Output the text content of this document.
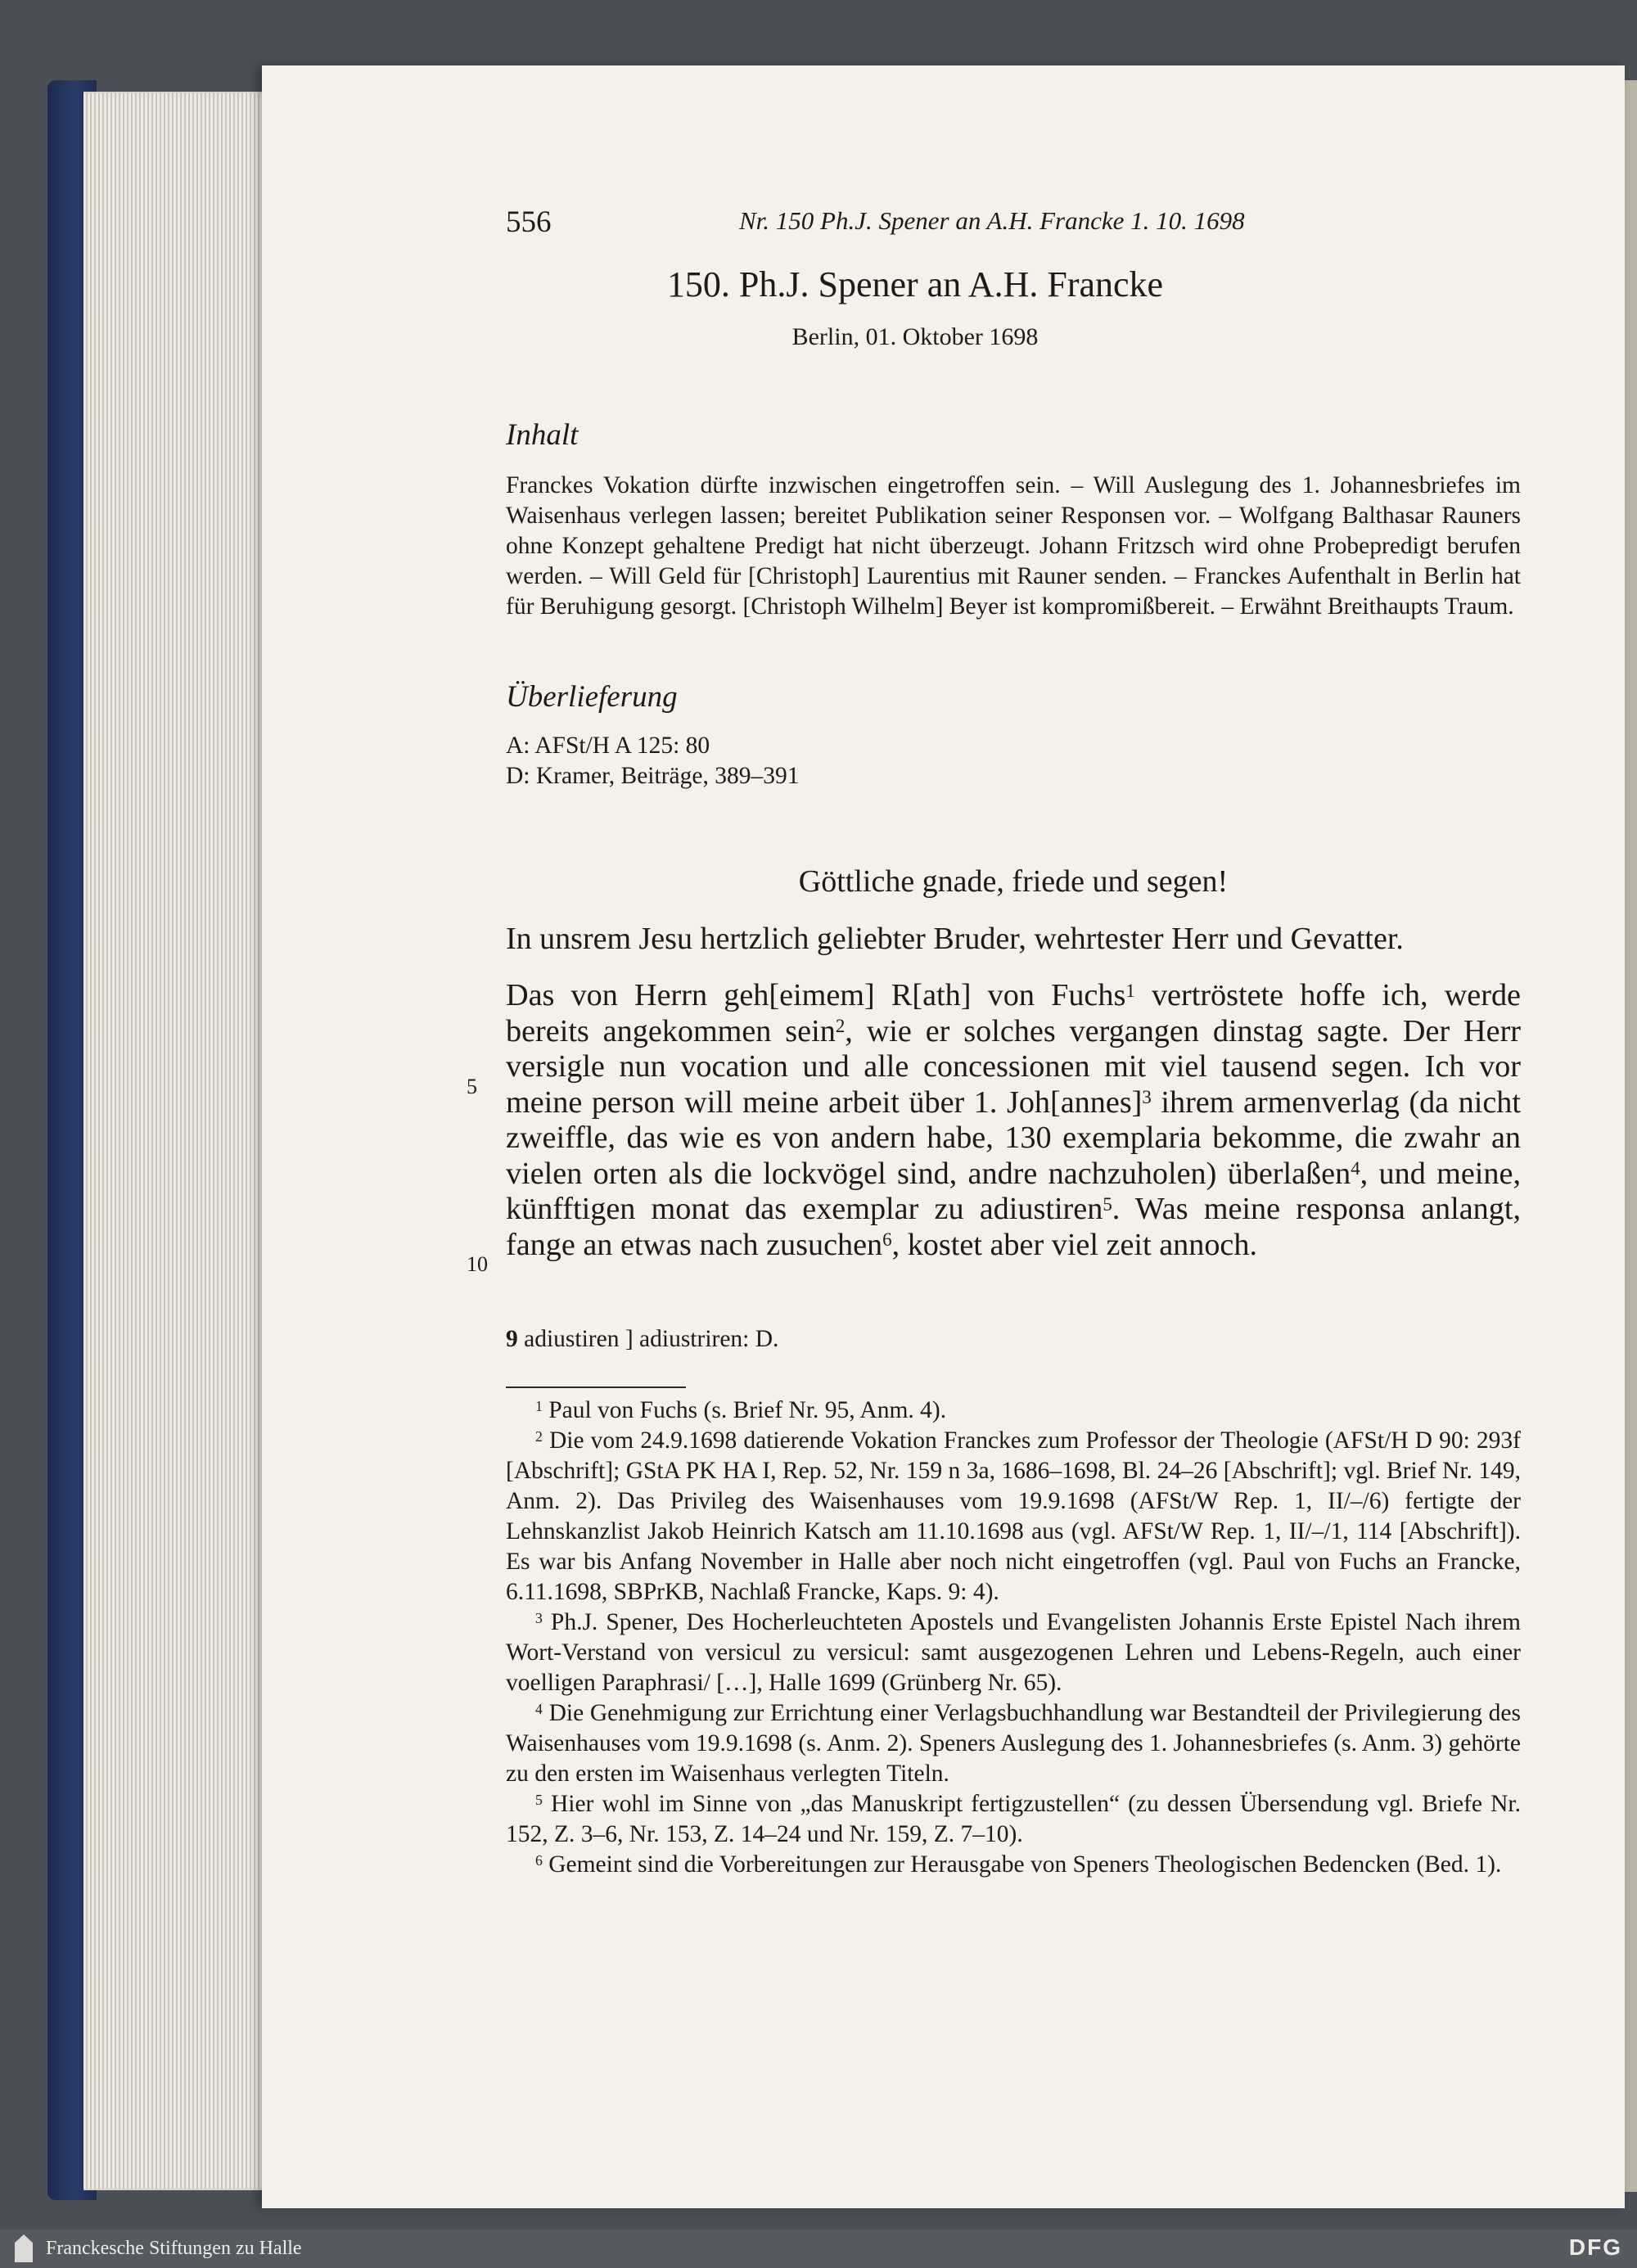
556	Nr. 150 Ph.J. Spener an A.H. Francke 1. 10. 1698
150. Ph.J. Spener an A.H. Francke
Berlin, 01. Oktober 1698
Inhalt
Franckes Vokation dürfte inzwischen eingetroffen sein. – Will Auslegung des 1. Johannesbriefes im Waisenhaus verlegen lassen; bereitet Publikation seiner Responsen vor. – Wolfgang Balthasar Rauners ohne Konzept gehaltene Predigt hat nicht überzeugt. Johann Fritzsch wird ohne Probepredigt berufen werden. – Will Geld für [Christoph] Laurentius mit Rauner senden. – Franckes Aufenthalt in Berlin hat für Beruhigung gesorgt. [Christoph Wilhelm] Beyer ist kompromißbereit. – Erwähnt Breithaupts Traum.
Überlieferung
A: AFSt/H A 125: 80
D: Kramer, Beiträge, 389–391
Göttliche gnade, friede und segen!
In unsrem Jesu hertzlich geliebter Bruder, wehrtester Herr und Gevatter.
Das von Herrn geh[eimem] R[ath] von Fuchs$^1$ vertröstete hoffe ich, werde bereits angekommen sein$^2$, wie er solches vergangen dinstag sagte. Der Herr versigle nun vocation und alle concessionen mit viel tausend segen. Ich vor meine person will meine arbeit über 1. Joh[annes]$^3$ ihrem armenverlag (da nicht zweiffle, das wie es von andern habe, 130 exemplaria bekomme, die zwahr an vielen orten als die lockvögel sind, andre nachzuholen) überlaßen$^4$, und meine, künfftigen monat das exemplar zu adiustiren$^5$. Was meine responsa anlangt, fange an etwas nach zusuchen$^6$, kostet aber viel zeit annoch.
5
10
9 adiustiren ] adiustriren: D.

$^1$ Paul von Fuchs (s. Brief Nr. 95, Anm. 4).

$^2$ Die vom 24.9.1698 datierende Vokation Franckes zum Professor der Theologie (AFSt/H D 90: 293f [Abschrift]; GStA PK HA I, Rep. 52, Nr. 159 n 3a, 1686–1698, Bl. 24–26 [Abschrift]; vgl. Brief Nr. 149, Anm. 2). Das Privileg des Waisenhauses vom 19.9.1698 (AFSt/W Rep. 1, II/–/6) fertigte der Lehnskanzlist Jakob Heinrich Katsch am 11.10.1698 aus (vgl. AFSt/W Rep. 1, II/–/1, 114 [Abschrift]). Es war bis Anfang November in Halle aber noch nicht eingetroffen (vgl. Paul von Fuchs an Francke, 6.11.1698, SBPrKB, Nachlaß Francke, Kaps. 9: 4).

$^3$ Ph.J. Spener, Des Hocherleuchteten Apostels und Evangelisten Johannis Erste Epistel Nach ihrem Wort-Verstand von versicul zu versicul: samt ausgezogenen Lehren und Lebens-Regeln, auch einer voelligen Paraphrasi/ […], Halle 1699 (Grünberg Nr. 65).

$^4$ Die Genehmigung zur Errichtung einer Verlagsbuchhandlung war Bestandteil der Privilegierung des Waisenhauses vom 19.9.1698 (s. Anm. 2). Speners Auslegung des 1. Johannesbriefes (s. Anm. 3) gehörte zu den ersten im Waisenhaus verlegten Titeln.

$^5$ Hier wohl im Sinne von „das Manuskript fertigzustellen“ (zu dessen Übersendung vgl. Briefe Nr. 152, Z. 3–6, Nr. 153, Z. 14–24 und Nr. 159, Z. 7–10).

$^6$ Gemeint sind die Vorbereitungen zur Herausgabe von Speners Theologischen Bedencken (Bed. 1).

Franckesche Stiftungen zu Halle	DFG
